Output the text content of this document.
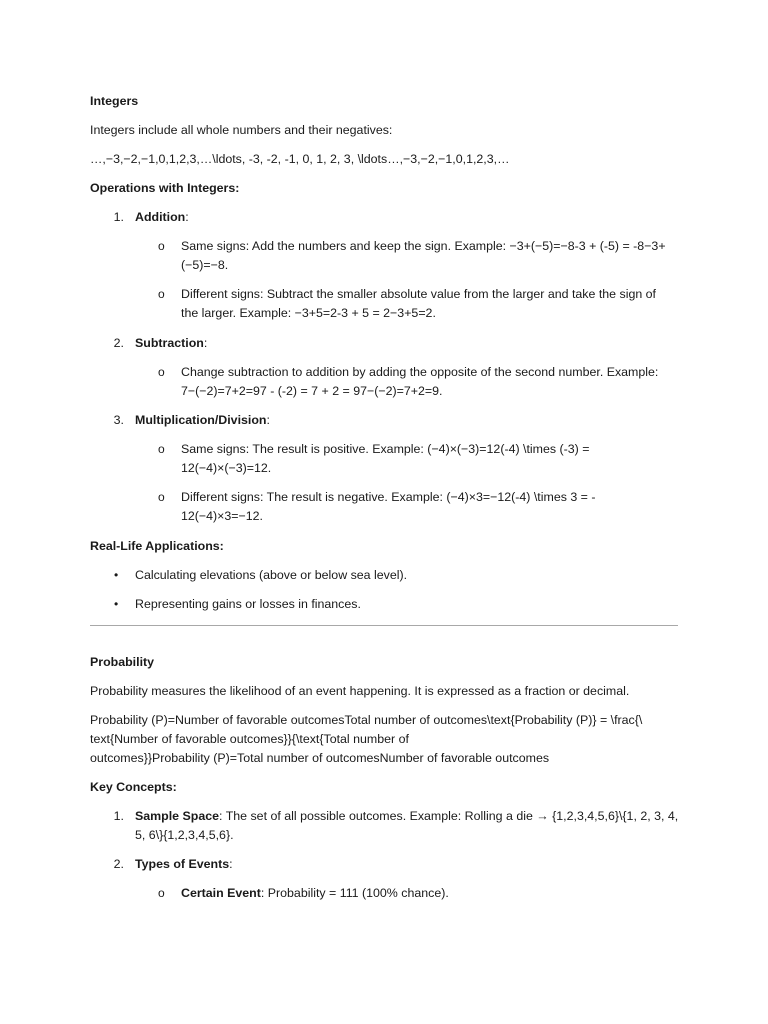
Integers

Integers include all whole numbers and their negatives:

…,−3,−2,−1,0,1,2,3,…\ldots, -3, -2, -1, 0, 1, 2, 3, \ldots…,−3,−2,−1,0,1,2,3,…

Operations with Integers:

1. Addition:

o Same signs: Add the numbers and keep the sign. Example: −3+(−5)=−8-3 + (-5) = -8−3+

(−5)=−8.

o Different signs: Subtract the smaller absolute value from the larger and take the sign of

the larger. Example: −3+5=2-3 + 5 = 2−3+5=2.

2. Subtraction:

o Change subtraction to addition by adding the opposite of the second number. Example:

7−(−2)=7+2=97 - (-2) = 7 + 2 = 97−(−2)=7+2=9.

3. Multiplication/Division:

o Same signs: The result is positive. Example: (−4)×(−3)=12(-4) \times (-3) =

12(−4)×(−3)=12.

o Different signs: The result is negative. Example: (−4)×3=−12(-4) \times 3 = -

12(−4)×3=−12.

Real-Life Applications:

• Calculating elevations (above or below sea level).

• Representing gains or losses in finances.

Probability

Probability measures the likelihood of an event happening. It is expressed as a fraction or decimal.

Probability (P)=Number of favorable outcomesTotal number of outcomes\text{Probability (P)} = \frac{\

text{Number of favorable outcomes}}{\text{Total number of

outcomes}}Probability (P)=Total number of outcomesNumber of favorable outcomes

Key Concepts:

1. Sample Space: The set of all possible outcomes. Example: Rolling a die → {1,2,3,4,5,6}\{1, 2, 3, 4,

5, 6\}{1,2,3,4,5,6}.

2. Types of Events:

o Certain Event: Probability = 111 (100% chance).
